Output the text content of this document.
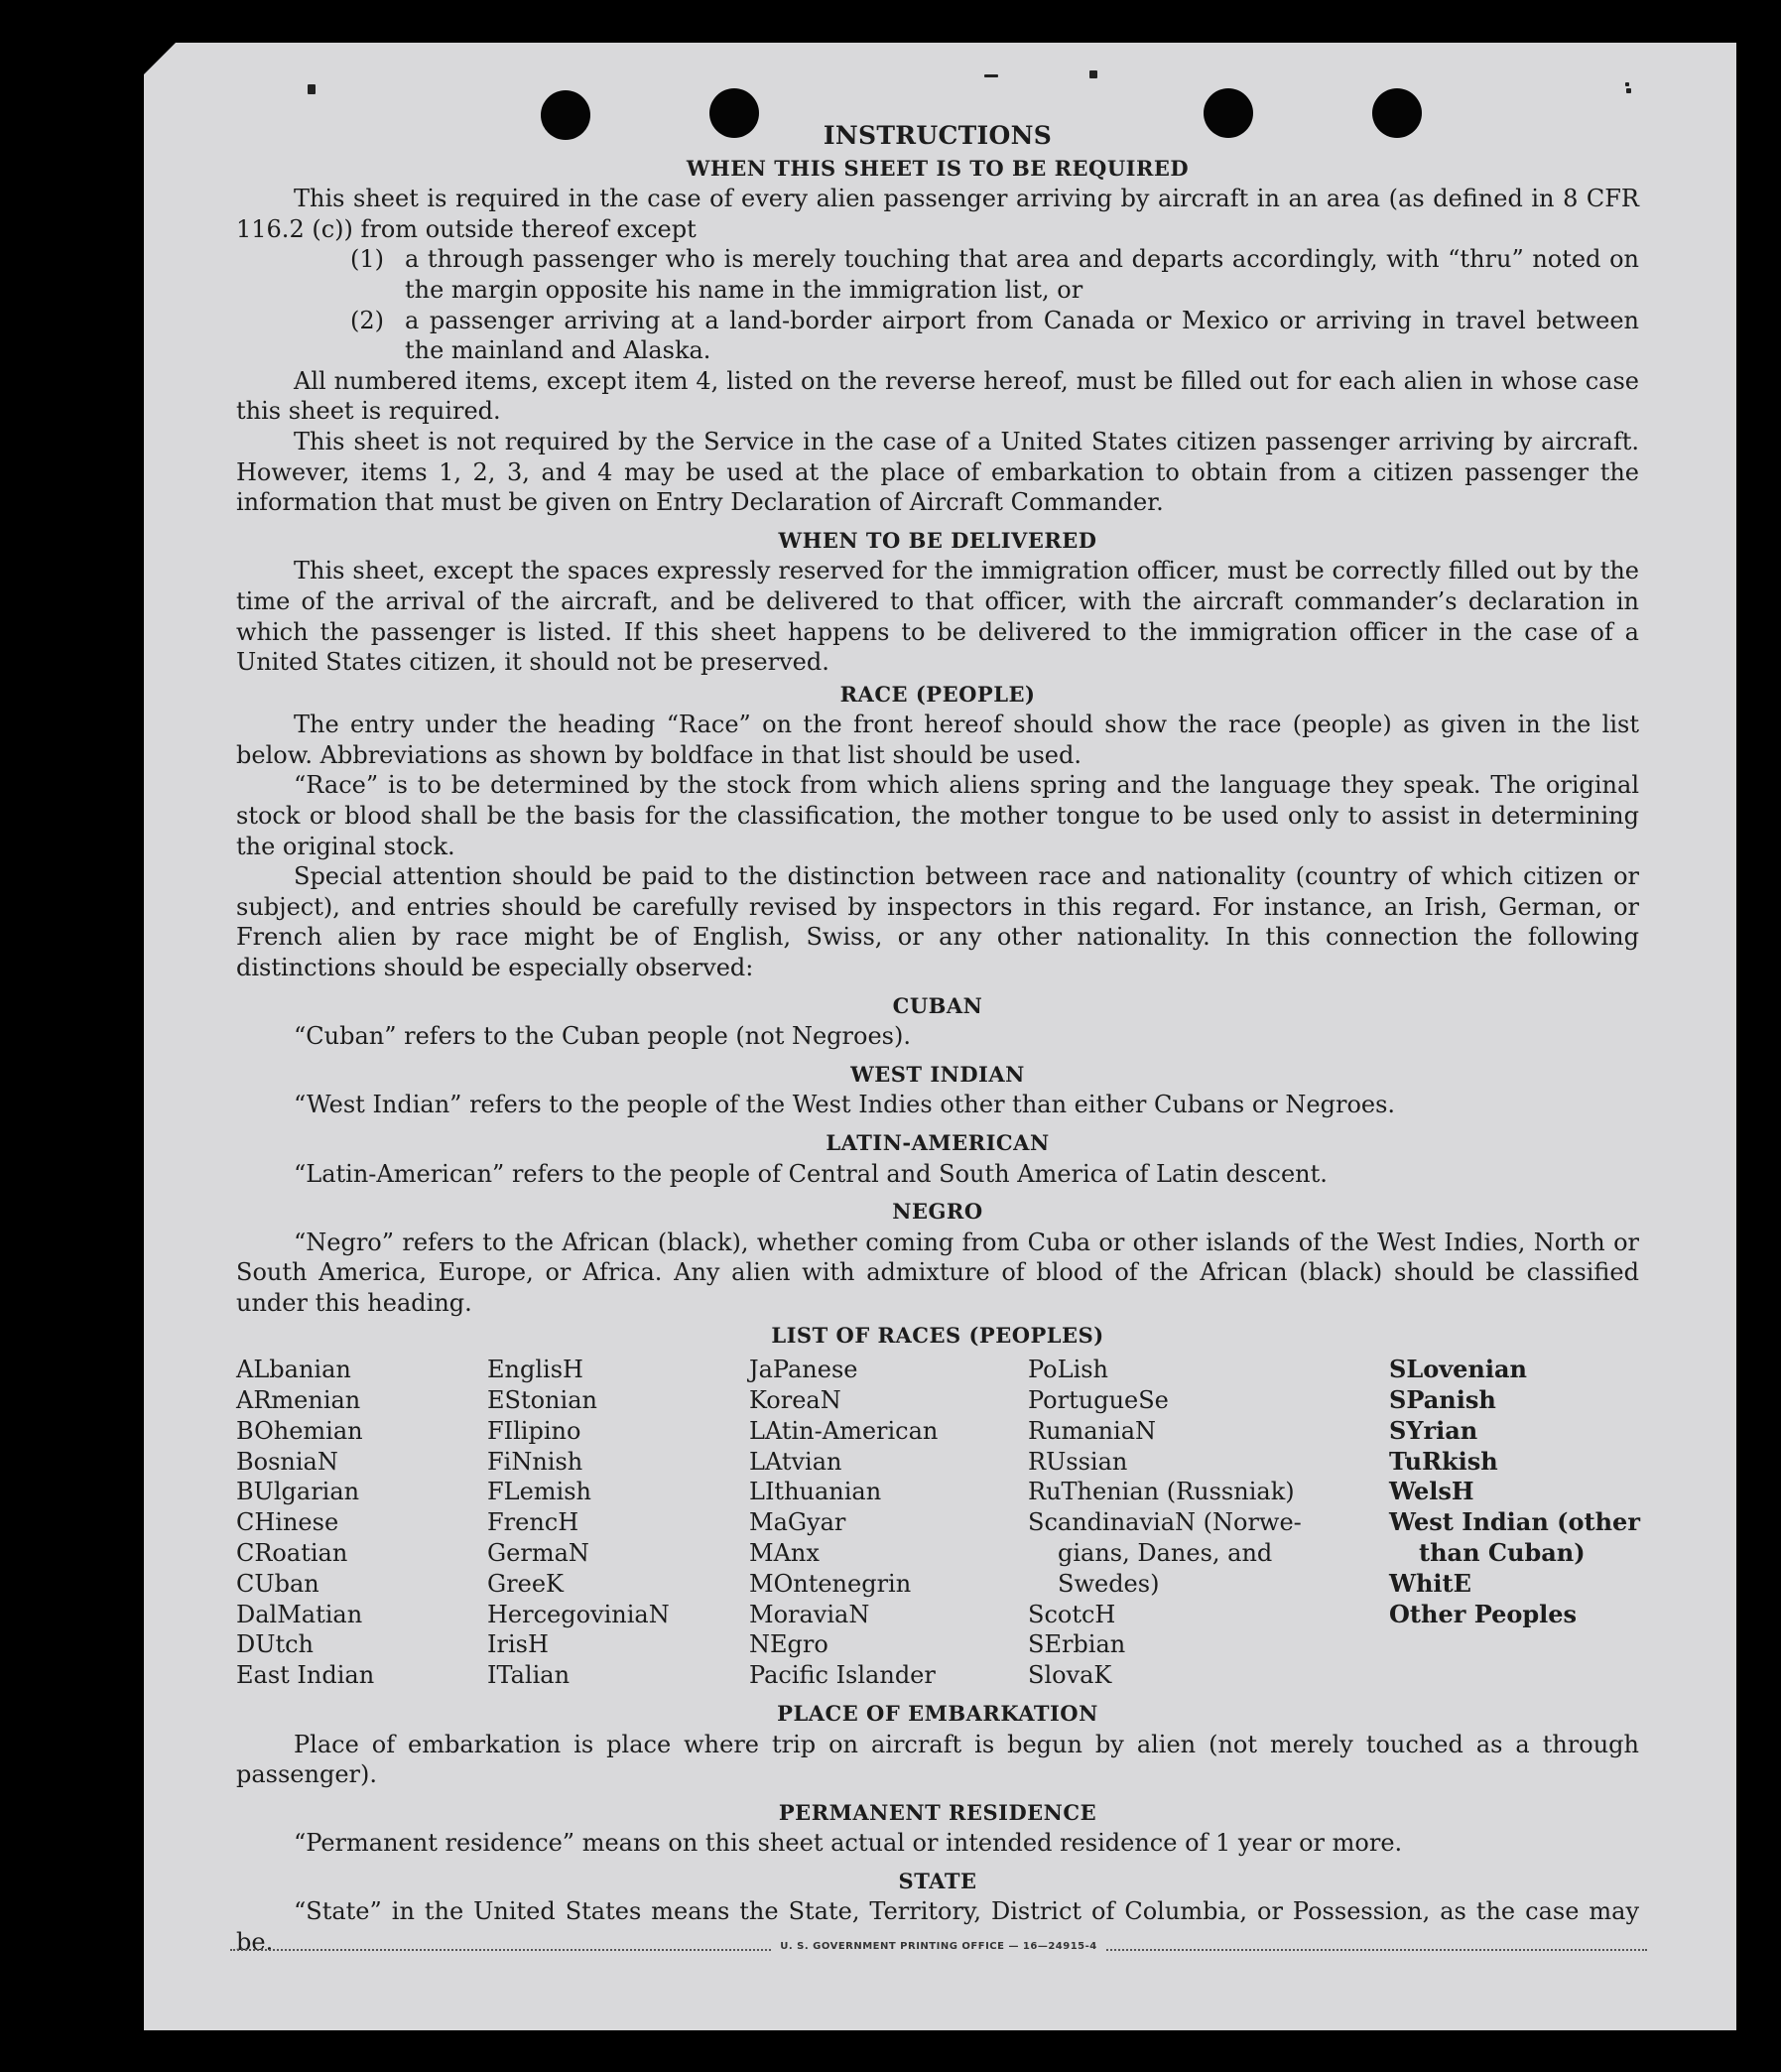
INSTRUCTIONS
WHEN THIS SHEET IS TO BE REQUIRED

This sheet is required in the case of every alien passenger arriving by aircraft in an area (as defined in 8 CFR 116.2 (c)) from outside thereof except

(1) a through passenger who is merely touching that area and departs accordingly, with “thru” noted on the margin opposite his name in the immigration list, or
(2) a passenger arriving at a land-border airport from Canada or Mexico or arriving in travel between the mainland and Alaska.

All numbered items, except item 4, listed on the reverse hereof, must be filled out for each alien in whose case this sheet is required.

This sheet is not required by the Service in the case of a United States citizen passenger arriving by aircraft. However, items 1, 2, 3, and 4 may be used at the place of embarkation to obtain from a citizen passenger the information that must be given on Entry Declaration of Aircraft Commander.

WHEN TO BE DELIVERED

This sheet, except the spaces expressly reserved for the immigration officer, must be correctly filled out by the time of the arrival of the aircraft, and be delivered to that officer, with the aircraft commander’s declaration in which the passenger is listed. If this sheet happens to be delivered to the immigration officer in the case of a United States citizen, it should not be preserved.

RACE (PEOPLE)

The entry under the heading “Race” on the front hereof should show the race (people) as given in the list below. Abbreviations as shown by boldface in that list should be used.

“Race” is to be determined by the stock from which aliens spring and the language they speak. The original stock or blood shall be the basis for the classification, the mother tongue to be used only to assist in determining the original stock.

Special attention should be paid to the distinction between race and nationality (country of which citizen or subject), and entries should be carefully revised by inspectors in this regard. For instance, an Irish, German, or French alien by race might be of English, Swiss, or any other nationality. In this connection the following distinctions should be especially observed:

CUBAN

“Cuban” refers to the Cuban people (not Negroes).

WEST INDIAN

“West Indian” refers to the people of the West Indies other than either Cubans or Negroes.

LATIN-AMERICAN

“Latin-American” refers to the people of Central and South America of Latin descent.

NEGRO

“Negro” refers to the African (black), whether coming from Cuba or other islands of the West Indies, North or South America, Europe, or Africa. Any alien with admixture of blood of the African (black) should be classified under this heading.

LIST OF RACES (PEOPLES)
ALbanian
ARmenian
BOhemian
BosniaN
BUlgarian
CHinese
CRoatian
CUban
DalMatian
DUtch
East Indian
EnglisH
EStonian
FIlipino
FiNnish
FLemish
FrencH
GermaN
GreeK
HercegoviniaN
IrisH
ITalian
JaPanese
KoreaN
LAtin-American
LAtvian
LIthuanian
MaGyar
MAnx
MOntenegrin
MoraviaN
NEgro
Pacific Islander
PoLish
PortugueSe
RumaniaN
RUssian
RuThenian (Russniak)
ScandinaviaN (Norwe-
gians, Danes, and
Swedes)
ScotcH
SErbian
SlovaK
SLovenian
SPanish
SYrian
TuRkish
WelsH
West Indian (other
than Cuban)
WhitE
Other Peoples
PLACE OF EMBARKATION

Place of embarkation is place where trip on aircraft is begun by alien (not merely touched as a through passenger).

PERMANENT RESIDENCE

“Permanent residence” means on this sheet actual or intended residence of 1 year or more.

STATE

“State” in the United States means the State, Territory, District of Columbia, or Possession, as the case may be.	U. S. GOVERNMENT PRINTING OFFICE — 16—24915-4
